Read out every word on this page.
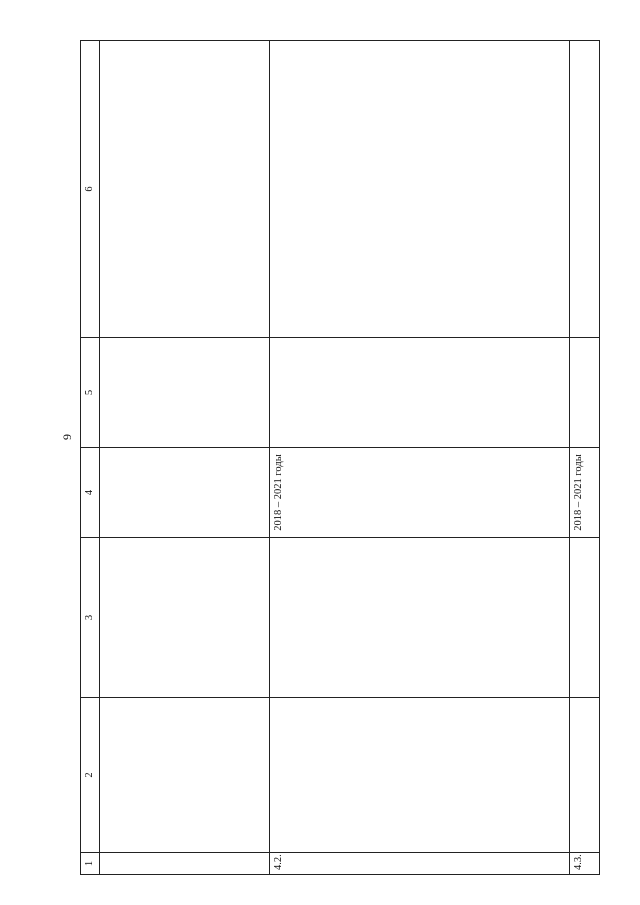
9
1	2	3	4	5	6

4.2.			2018 – 2021 годы		
4.3.			2018 – 2021 годы		
